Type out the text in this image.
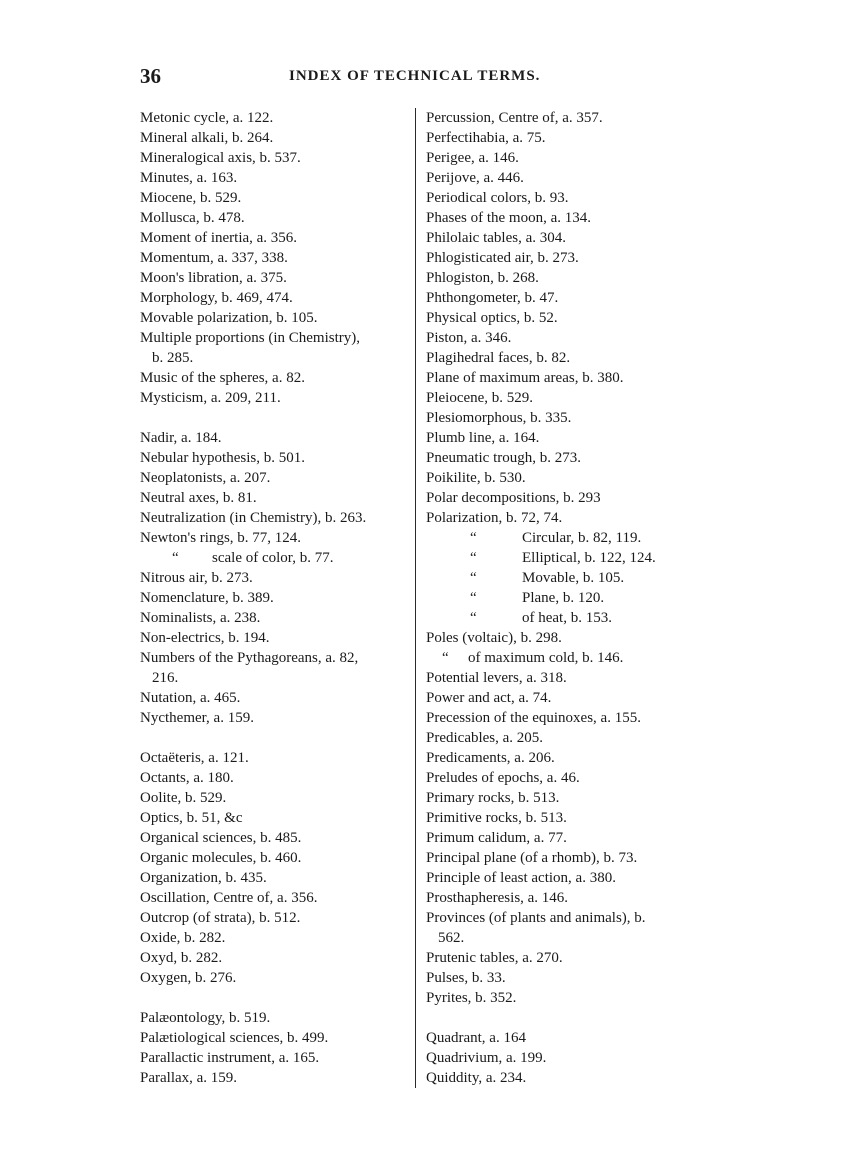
36	INDEX OF TECHNICAL TERMS.

Metonic cycle, a. 122.
Mineral alkali, b. 264.
Mineralogical axis, b. 537.
Minutes, a. 163.
Miocene, b. 529.
Mollusca, b. 478.
Moment of inertia, a. 356.
Momentum, a. 337, 338.
Moon's libration, a. 375.
Morphology, b. 469, 474.
Movable polarization, b. 105.
Multiple proportions (in Chemistry),
b. 285.
Music of the spheres, a. 82.
Mysticism, a. 209, 211.
Nadir, a. 184.
Nebular hypothesis, b. 501.
Neoplatonists, a. 207.
Neutral axes, b. 81.
Neutralization (in Chemistry), b. 263.
Newton's rings, b. 77, 124.
“ scale of color, b. 77.
Nitrous air, b. 273.
Nomenclature, b. 389.
Nominalists, a. 238.
Non-electrics, b. 194.
Numbers of the Pythagoreans, a. 82,
216.
Nutation, a. 465.
Nycthemer, a. 159.
Octaëteris, a. 121.
Octants, a. 180.
Oolite, b. 529.
Optics, b. 51, &c
Organical sciences, b. 485.
Organic molecules, b. 460.
Organization, b. 435.
Oscillation, Centre of, a. 356.
Outcrop (of strata), b. 512.
Oxide, b. 282.
Oxyd, b. 282.
Oxygen, b. 276.
Palæontology, b. 519.
Palætiological sciences, b. 499.
Parallactic instrument, a. 165.
Parallax, a. 159.
Percussion, Centre of, a. 357.
Perfectihabia, a. 75.
Perigee, a. 146.
Perijove, a. 446.
Periodical colors, b. 93.
Phases of the moon, a. 134.
Philolaic tables, a. 304.
Phlogisticated air, b. 273.
Phlogiston, b. 268.
Phthongometer, b. 47.
Physical optics, b. 52.
Piston, a. 346.
Plagihedral faces, b. 82.
Plane of maximum areas, b. 380.
Pleiocene, b. 529.
Plesiomorphous, b. 335.
Plumb line, a. 164.
Pneumatic trough, b. 273.
Poikilite, b. 530.
Polar decompositions, b. 293
Polarization, b. 72, 74.
“	Circular, b. 82, 119.
“	Elliptical, b. 122, 124.
“	Movable, b. 105.
“	Plane, b. 120.
“	of heat, b. 153.
Poles (voltaic), b. 298.
“ of maximum cold, b. 146.
Potential levers, a. 318.
Power and act, a. 74.
Precession of the equinoxes, a. 155.
Predicables, a. 205.
Predicaments, a. 206.
Preludes of epochs, a. 46.
Primary rocks, b. 513.
Primitive rocks, b. 513.
Primum calidum, a. 77.
Principal plane (of a rhomb), b. 73.
Principle of least action, a. 380.
Prosthapheresis, a. 146.
Provinces (of plants and animals), b.
562.
Prutenic tables, a. 270.
Pulses, b. 33.
Pyrites, b. 352.
Quadrant, a. 164
Quadrivium, a. 199.
Quiddity, a. 234.
